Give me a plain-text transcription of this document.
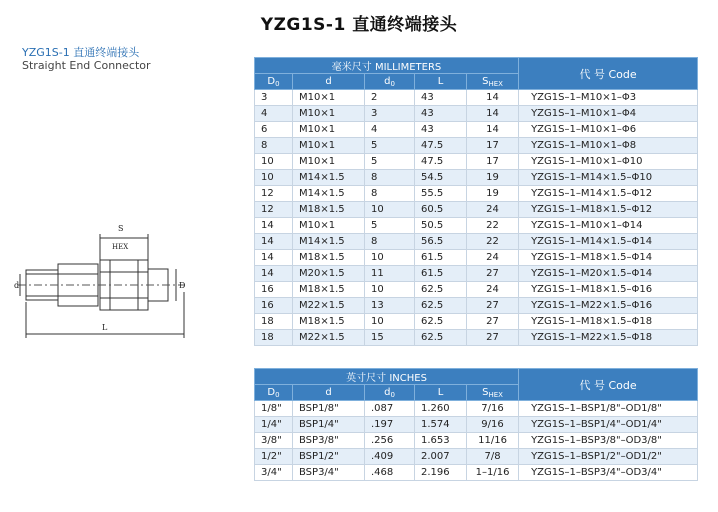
YZG1S-1 直通终端接头
YZG1S-1 直通终端接头
Straight End Connector
S
HEX
d	D
L
毫米尺寸 MILLIMETERS					代 号 Code
$D_0$	d	$d_0$	L	$S_{HEX}$
3	M10×1	2	43	14	YZG1S–1–M10×1–Φ3
4	M10×1	3	43	14	YZG1S–1–M10×1–Φ4
6	M10×1	4	43	14	YZG1S–1–M10×1–Φ6
8	M10×1	5	47.5	17	YZG1S–1–M10×1–Φ8
10	M10×1	5	47.5	17	YZG1S–1–M10×1–Φ10
10	M14×1.5	8	54.5	19	YZG1S–1–M14×1.5–Φ10
12	M14×1.5	8	55.5	19	YZG1S–1–M14×1.5–Φ12
12	M18×1.5	10	60.5	24	YZG1S–1–M18×1.5–Φ12
14	M10×1	5	50.5	22	YZG1S–1–M10×1–Φ14
14	M14×1.5	8	56.5	22	YZG1S–1–M14×1.5–Φ14
14	M18×1.5	10	61.5	24	YZG1S–1–M18×1.5–Φ14
14	M20×1.5	11	61.5	27	YZG1S–1–M20×1.5–Φ14
16	M18×1.5	10	62.5	24	YZG1S–1–M18×1.5–Φ16
16	M22×1.5	13	62.5	27	YZG1S–1–M22×1.5–Φ16
18	M18×1.5	10	62.5	27	YZG1S–1–M18×1.5–Φ18
18	M22×1.5	15	62.5	27	YZG1S–1–M22×1.5–Φ18
英寸尺寸 INCHES					代 号 Code
$D_0$	d	$d_0$	L	$S_{HEX}$
1/8"	BSP1/8"	.087	1.260	7/16	YZG1S–1–BSP1/8"–OD1/8"
1/4"	BSP1/4"	.197	1.574	9/16	YZG1S–1–BSP1/4"–OD1/4"
3/8"	BSP3/8"	.256	1.653	11/16	YZG1S–1–BSP3/8"–OD3/8"
1/2"	BSP1/2"	.409	2.007	7/8	YZG1S–1–BSP1/2"–OD1/2"
3/4"	BSP3/4"	.468	2.196	1–1/16	YZG1S–1–BSP3/4"–OD3/4"
